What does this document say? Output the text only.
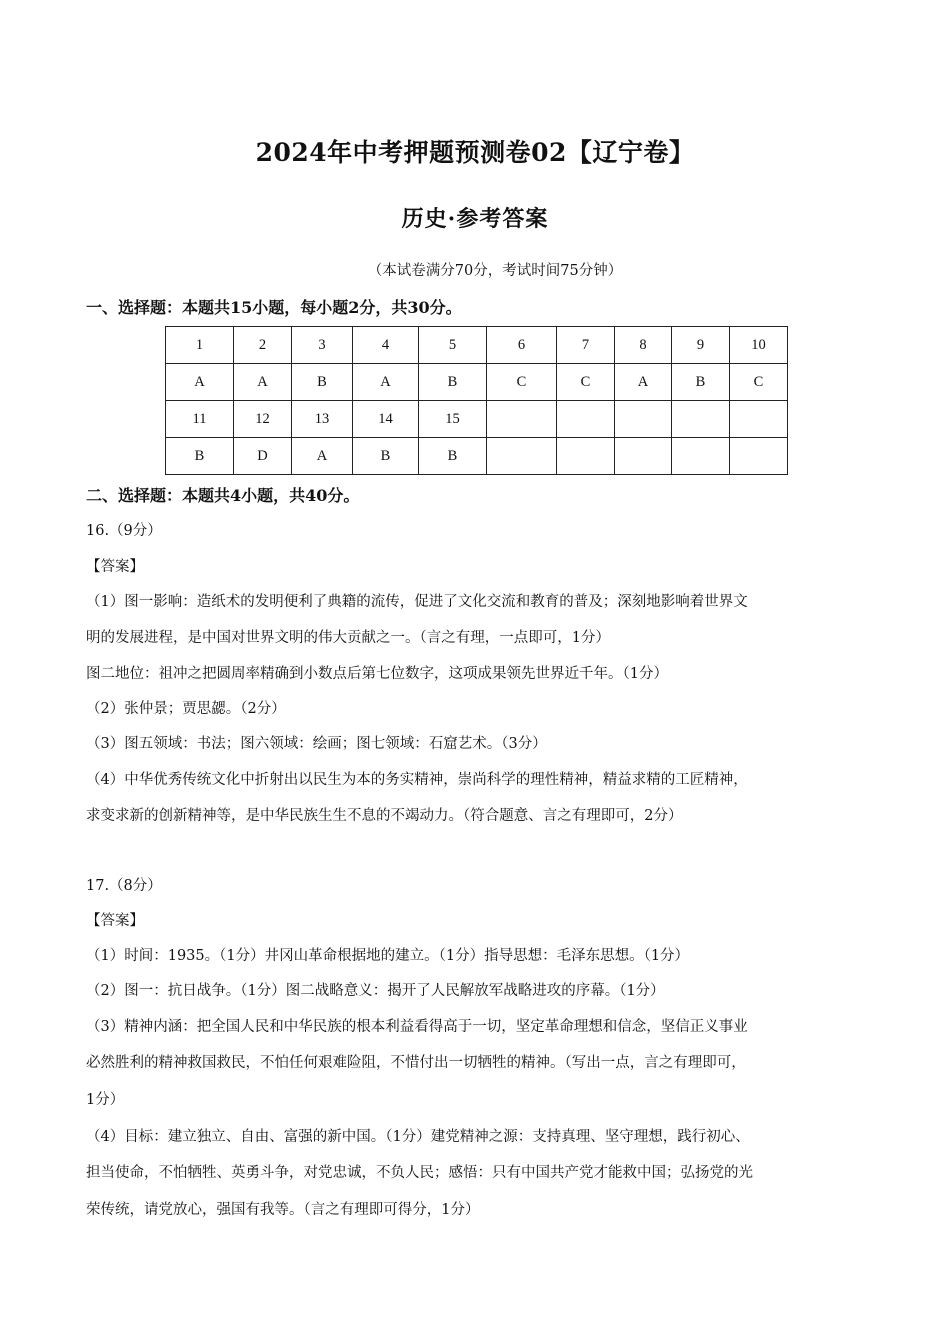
2024年中考押题预测卷02【辽宁卷】
历史·参考答案
（本试卷满分70分，考试时间75分钟）
一、选择题：本题共15小题，每小题2分，共30分。
1	2	3	4	5	6	7	8	9	10
A	A	B	A	B	C	C	A	B	C
11	12	13	14	15					
B	D	A	B	B					
二、选择题：本题共4小题，共40分。
16.（9分）
【答案】
（1）图一影响：造纸术的发明便利了典籍的流传，促进了文化交流和教育的普及；深刻地影响着世界文
明的发展进程，是中国对世界文明的伟大贡献之一。（言之有理，一点即可，1分）
图二地位：祖冲之把圆周率精确到小数点后第七位数字，这项成果领先世界近千年。（1分）
（2）张仲景；贾思勰。（2分）
（3）图五领域：书法；图六领域：绘画；图七领域：石窟艺术。（3分）
（4）中华优秀传统文化中折射出以民生为本的务实精神，崇尚科学的理性精神，精益求精的工匠精神，
求变求新的创新精神等，是中华民族生生不息的不竭动力。（符合题意、言之有理即可，2分）
17.（8分）
【答案】
（1）时间：1935。（1分）井冈山革命根据地的建立。（1分）指导思想：毛泽东思想。（1分）
（2）图一：抗日战争。（1分）图二战略意义：揭开了人民解放军战略进攻的序幕。（1分）
（3）精神内涵：把全国人民和中华民族的根本利益看得高于一切，坚定革命理想和信念，坚信正义事业
必然胜利的精神救国救民，不怕任何艰难险阻，不惜付出一切牺牲的精神。（写出一点，言之有理即可，
1分）
（4）目标：建立独立、自由、富强的新中国。（1分）建党精神之源：支持真理、坚守理想，践行初心、
担当使命，不怕牺牲、英勇斗争，对党忠诚，不负人民；感悟：只有中国共产党才能救中国；弘扬党的光
荣传统，请党放心，强国有我等。（言之有理即可得分，1分）
